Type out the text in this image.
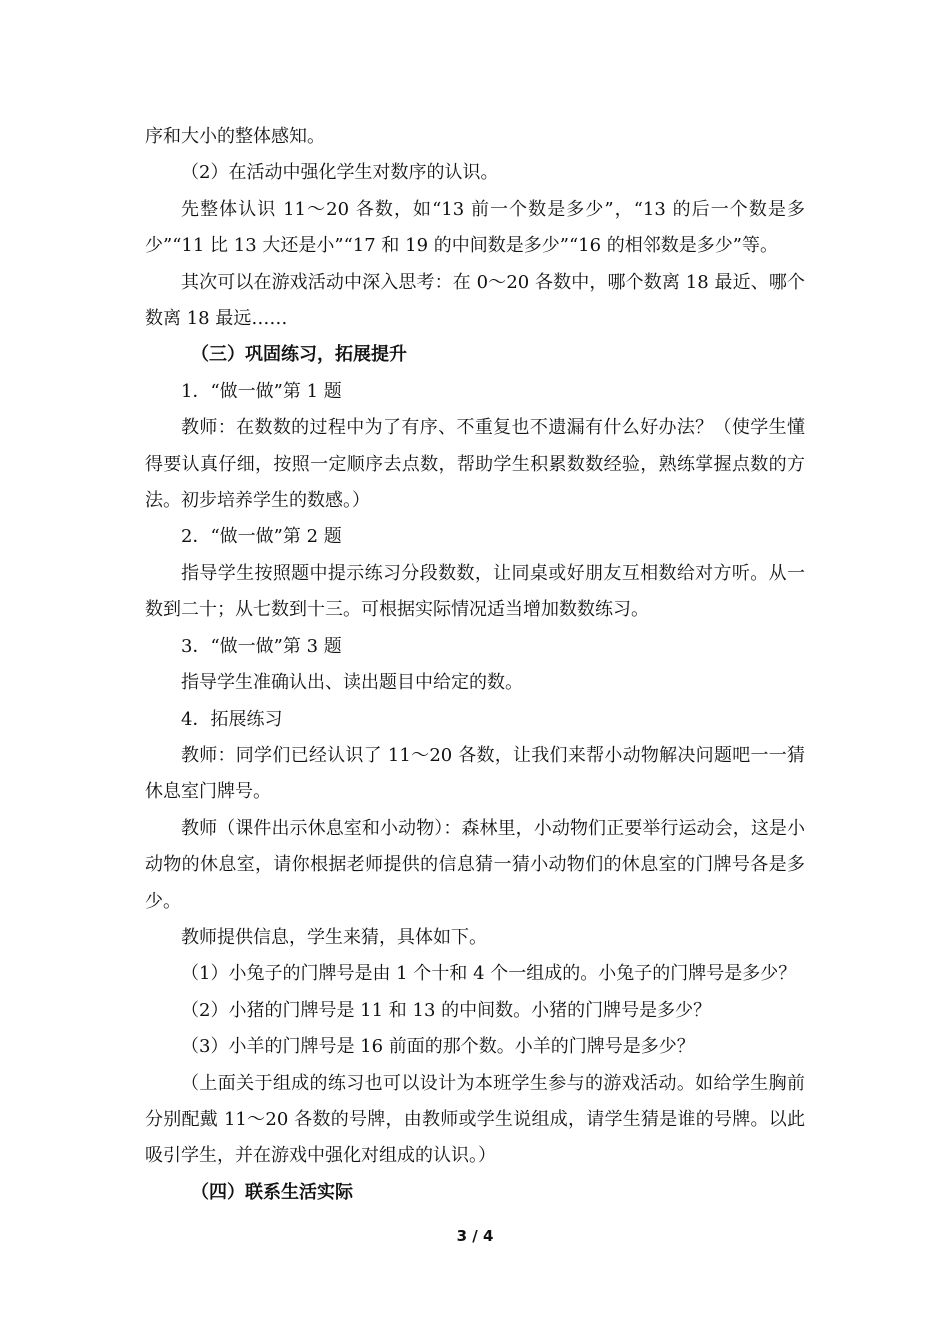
序和大小的整体感知。

（2）在活动中强化学生对数序的认识。

先整体认识 11～20 各数，如“13 前一个数是多少”，“13 的后一个数是多少”“11 比 13 大还是小”“17 和 19 的中间数是多少”“16 的相邻数是多少”等。

其次可以在游戏活动中深入思考：在 0～20 各数中，哪个数离 18 最近、哪个数离 18 最远……

（三）巩固练习，拓展提升

1．“做一做”第 1 题

教师：在数数的过程中为了有序、不重复也不遗漏有什么好办法？（使学生懂得要认真仔细，按照一定顺序去点数，帮助学生积累数数经验，熟练掌握点数的方法。初步培养学生的数感。）

2．“做一做”第 2 题

指导学生按照题中提示练习分段数数，让同桌或好朋友互相数给对方听。从一数到二十；从七数到十三。可根据实际情况适当增加数数练习。

3．“做一做”第 3 题

指导学生准确认出、读出题目中给定的数。

4．拓展练习

教师：同学们已经认识了 11～20 各数，让我们来帮小动物解决问题吧一一猜休息室门牌号。

教师（课件出示休息室和小动物）：森林里，小动物们正要举行运动会，这是小动物的休息室，请你根据老师提供的信息猜一猜小动物们的休息室的门牌号各是多少。

教师提供信息，学生来猜，具体如下。

（1）小兔子的门牌号是由 1 个十和 4 个一组成的。小兔子的门牌号是多少？

（2）小猪的门牌号是 11 和 13 的中间数。小猪的门牌号是多少？

（3）小羊的门牌号是 16 前面的那个数。小羊的门牌号是多少？

（上面关于组成的练习也可以设计为本班学生参与的游戏活动。如给学生胸前分别配戴 11～20 各数的号牌，由教师或学生说组成，请学生猜是谁的号牌。以此吸引学生，并在游戏中强化对组成的认识。）

（四）联系生活实际

3 / 4
